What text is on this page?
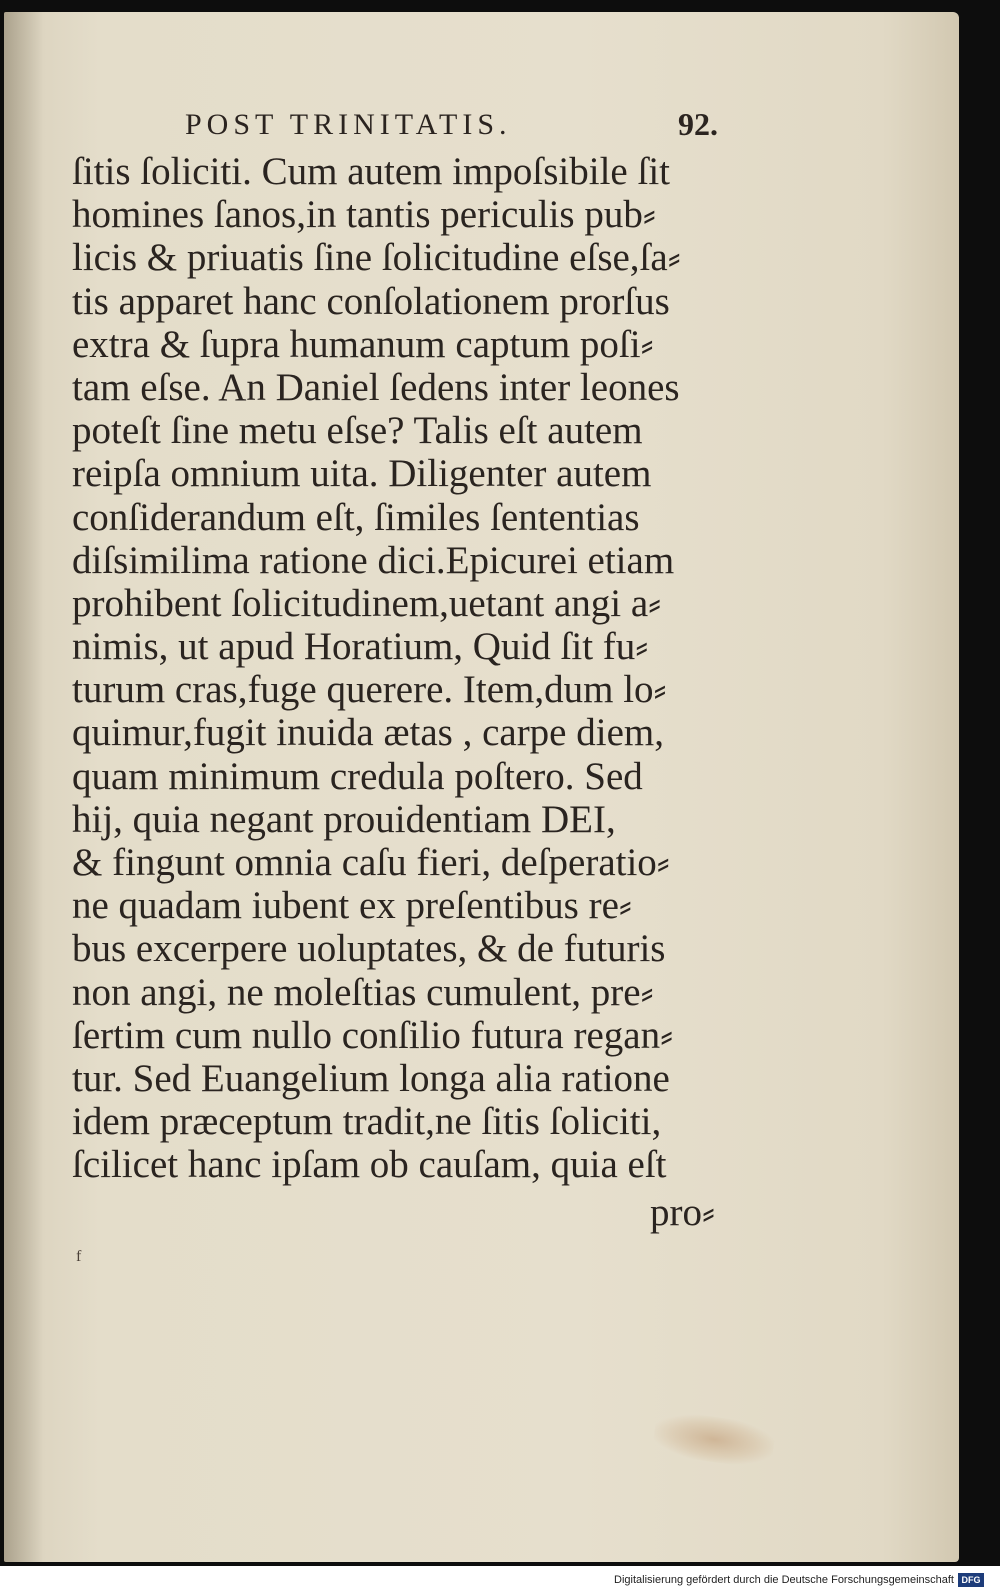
POST TRINITATIS.	92.
ſitis ſoliciti. Cum autem impoſsibile ſit
homines ſanos,in tantis periculis pub⸗
licis & priuatis ſine ſolicitudine eſse,ſa⸗
tis apparet hanc conſolationem prorſus
extra & ſupra humanum captum poſi⸗
tam eſse. An Daniel ſedens inter leones
poteſt ſine metu eſse? Talis eſt autem
reipſa omnium uita. Diligenter autem
conſiderandum eſt, ſimiles ſententias
diſsimilima ratione dici.Epicurei etiam
prohibent ſolicitudinem,uetant angi a⸗
nimis, ut apud Horatium, Quid ſit fu⸗
turum cras,fuge querere. Item,dum lo⸗
quimur,fugit inuida ætas , carpe diem,
quam minimum credula poſtero. Sed
hij, quia negant prouidentiam DEI,
& fingunt omnia caſu fieri, deſperatio⸗
ne quadam iubent ex preſentibus re⸗
bus excerpere uoluptates, & de futuris
non angi, ne moleſtias cumulent, pre⸗
ſertim cum nullo conſilio futura regan⸗
tur. Sed Euangelium longa alia ratione
idem præceptum tradit,ne ſitis ſoliciti,
ſcilicet hanc ipſam ob cauſam, quia eſt
pro⸗
f
Digitalisierung gefördert durch die Deutsche Forschungsgemeinschaft DFG
